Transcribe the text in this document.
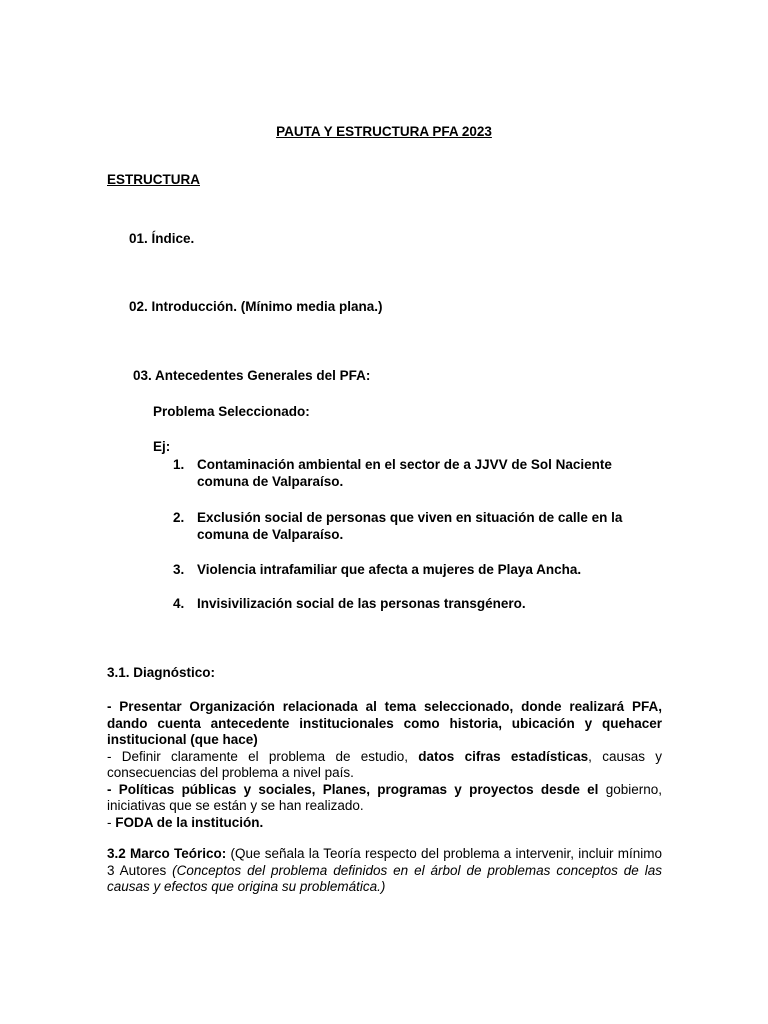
PAUTA Y ESTRUCTURA PFA 2023
ESTRUCTURA
01. Índice.
02. Introducción. (Mínimo media plana.)
03. Antecedentes Generales del PFA:
Problema Seleccionado:
Ej:
1. Contaminación ambiental en el sector de a JJVV de Sol Naciente comuna de Valparaíso.
2. Exclusión social de personas que viven en situación de calle en la comuna de Valparaíso.
3. Violencia intrafamiliar que afecta a mujeres de Playa Ancha.
4. Invisivilización social de las personas transgénero.
3.1. Diagnóstico:
- Presentar Organización relacionada al tema seleccionado, donde realizará PFA, dando cuenta antecedente institucionales como historia, ubicación y quehacer institucional (que hace)
- Definir claramente el problema de estudio, datos cifras estadísticas, causas y consecuencias del problema a nivel país.
- Políticas públicas y sociales, Planes, programas y proyectos desde el gobierno, iniciativas que se están y se han realizado.
- FODA de la institución.
3.2 Marco Teórico: (Que señala la Teoría respecto del problema a intervenir, incluir mínimo 3 Autores (Conceptos del problema definidos en el árbol de problemas conceptos de las causas y efectos que origina su problemática.)
